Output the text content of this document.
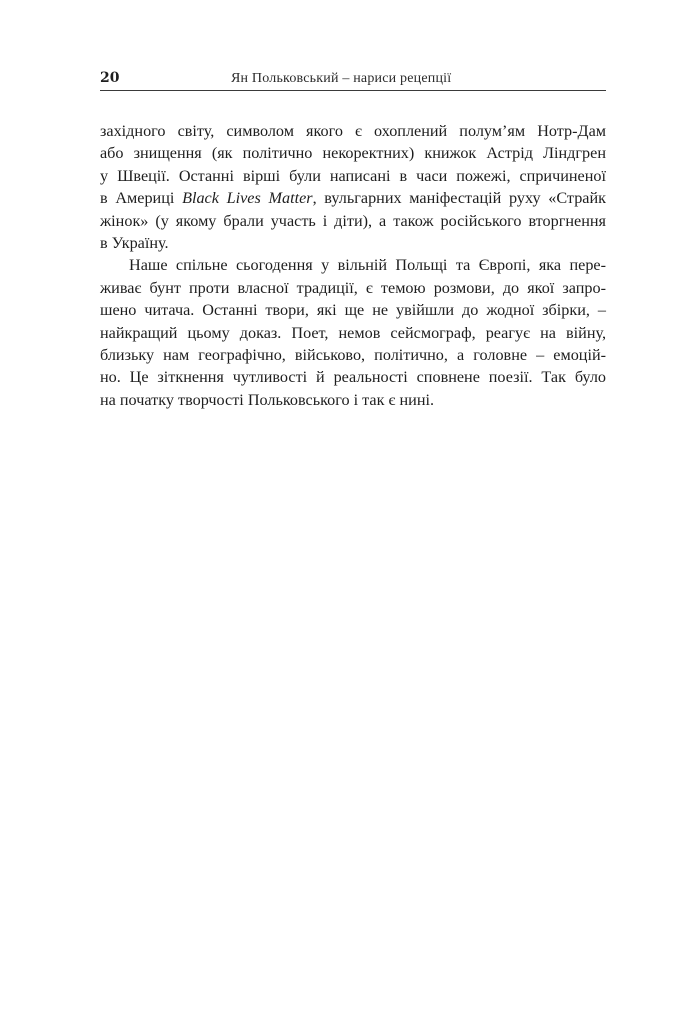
20	Ян Польковський – нариси рецепції
західного світу, символом якого є охоплений полум’ям Нотр-Дам
або знищення (як політично некоректних) книжок Астрід Ліндгрен
у Швеції. Останні вірші були написані в часи пожежі, спричиненої
в Америці Black Lives Matter, вульгарних маніфестацій руху «Страйк
жінок» (у якому брали участь і діти), а також російського вторгнення
в Україну.
Наше спільне сьогодення у вільній Польщі та Європі, яка пере-
живає бунт проти власної традиції, є темою розмови, до якої запро-
шено читача. Останні твори, які ще не увійшли до жодної збірки, –
найкращий цьому доказ. Поет, немов сейсмограф, реагує на війну,
близьку нам географічно, військово, політично, а головне – емоцій-
но. Це зіткнення чутливості й реальності сповнене поезії. Так було
на початку творчості Польковського і так є нині.
